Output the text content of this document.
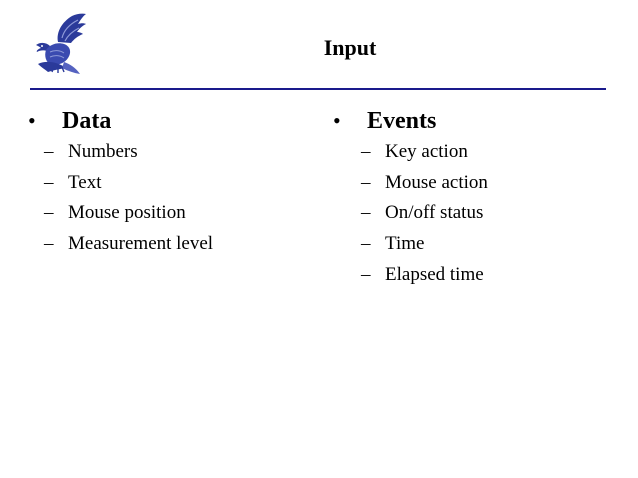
Input
•	Data
– Numbers
– Text
– Mouse position
– Measurement level
•	Events
– Key action
– Mouse action
– On/off status
– Time
– Elapsed time
